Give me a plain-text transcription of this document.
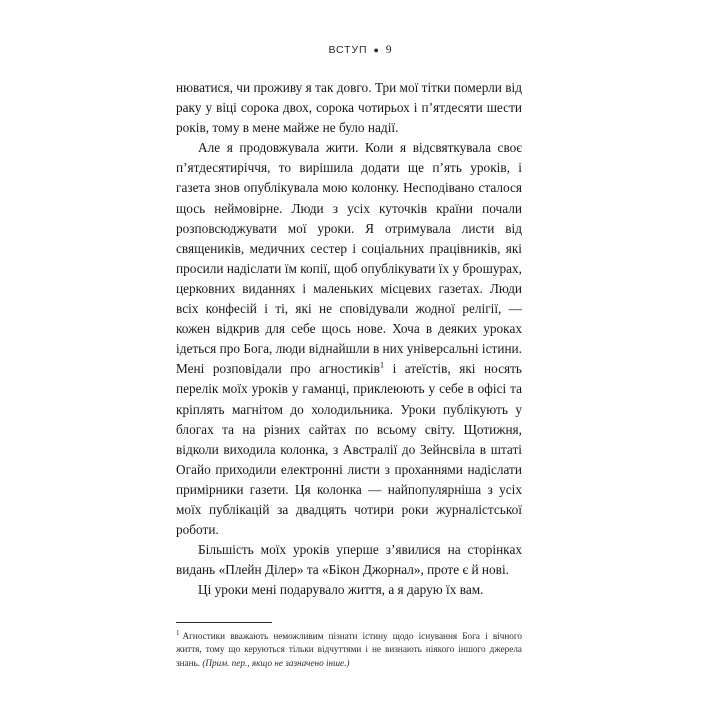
ВСТУП ● 9

нюватися, чи проживу я так довго. Три мої тітки померли від раку у віці сорока двох, сорока чотирьох і п’ятдесяти шести років, тому в мене майже не було надії.

Але я продовжувала жити. Коли я відсвяткувала своє п’ятдесятиріччя, то вирішила додати ще п’ять уроків, і газета знов опублікувала мою колонку. Несподівано сталося щось неймовірне. Люди з усіх куточків країни почали розповсюджувати мої уроки. Я отримувала листи від священиків, медичних сестер і соціальних працівників, які просили надіслати їм копії, щоб опублікувати їх у брошурах, церковних виданнях і маленьких місцевих газетах. Люди всіх конфесій і ті, які не сповідували жодної релігії, — кожен відкрив для себе щось нове. Хоча в деяких уроках ідеться про Бога, люди віднайшли в них універсальні істини. Мені розповідали про агностиків$^1$ і атеїстів, які носять перелік моїх уроків у гаманці, приклеюють у себе в офісі та кріплять магнітом до холодильника. Уроки публікують у блогах та на різних сайтах по всьому світу. Щотижня, відколи виходила колонка, з Австралії до Зейнсвіла в штаті Огайо приходили електронні листи з проханнями надіслати примірники газети. Ця колонка — найпопулярніша з усіх моїх публікацій за двадцять чотири роки журналістської роботи.

Більшість моїх уроків уперше з’явилися на сторінках видань «Плейн Ділер» та «Бікон Джорнал», проте є й нові.

Ці уроки мені подарувало життя, а я дарую їх вам.

$^1$ Агностики вважають неможливим пізнати істину щодо існування Бога і вічного життя, тому що керуються тільки відчуттями і не визнають ніякого іншого джерела знань. (Прим. пер., якщо не зазначено інше.)
